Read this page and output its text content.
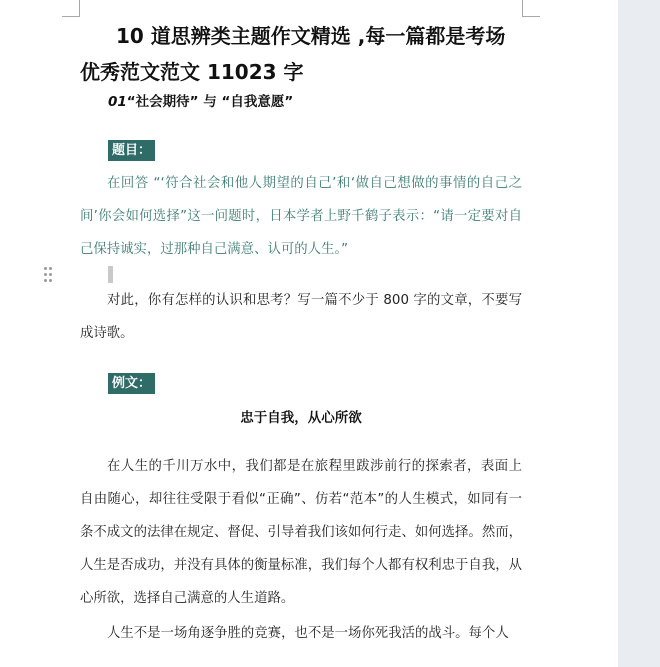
10 道思辨类主题作文精选 ,每一篇都是考场优秀范文范文 11023 字
01“社会期待” 与 “自我意愿”
题目：

在回答 “‘符合社会和他人期望的自己’和‘做自己想做的事情的自己之间’你会如何选择”这一问题时，日本学者上野千鹤子表示：“请一定要对自己保持诚实，过那种自己满意、认可的人生。”

对此，你有怎样的认识和思考？写一篇不少于 800 字的文章，不要写成诗歌。

例文：
忠于自我，从心所欲

在人生的千川万水中，我们都是在旅程里跋涉前行的探索者，表面上自由随心，却往往受限于看似“正确”、仿若“范本”的人生模式，如同有一条不成文的法律在规定、督促、引导着我们该如何行走、如何选择。然而，人生是否成功，并没有具体的衡量标准，我们每个人都有权利忠于自我，从心所欲，选择自己满意的人生道路。

人生不是一场角逐争胜的竞赛，也不是一场你死我活的战斗。每个人
